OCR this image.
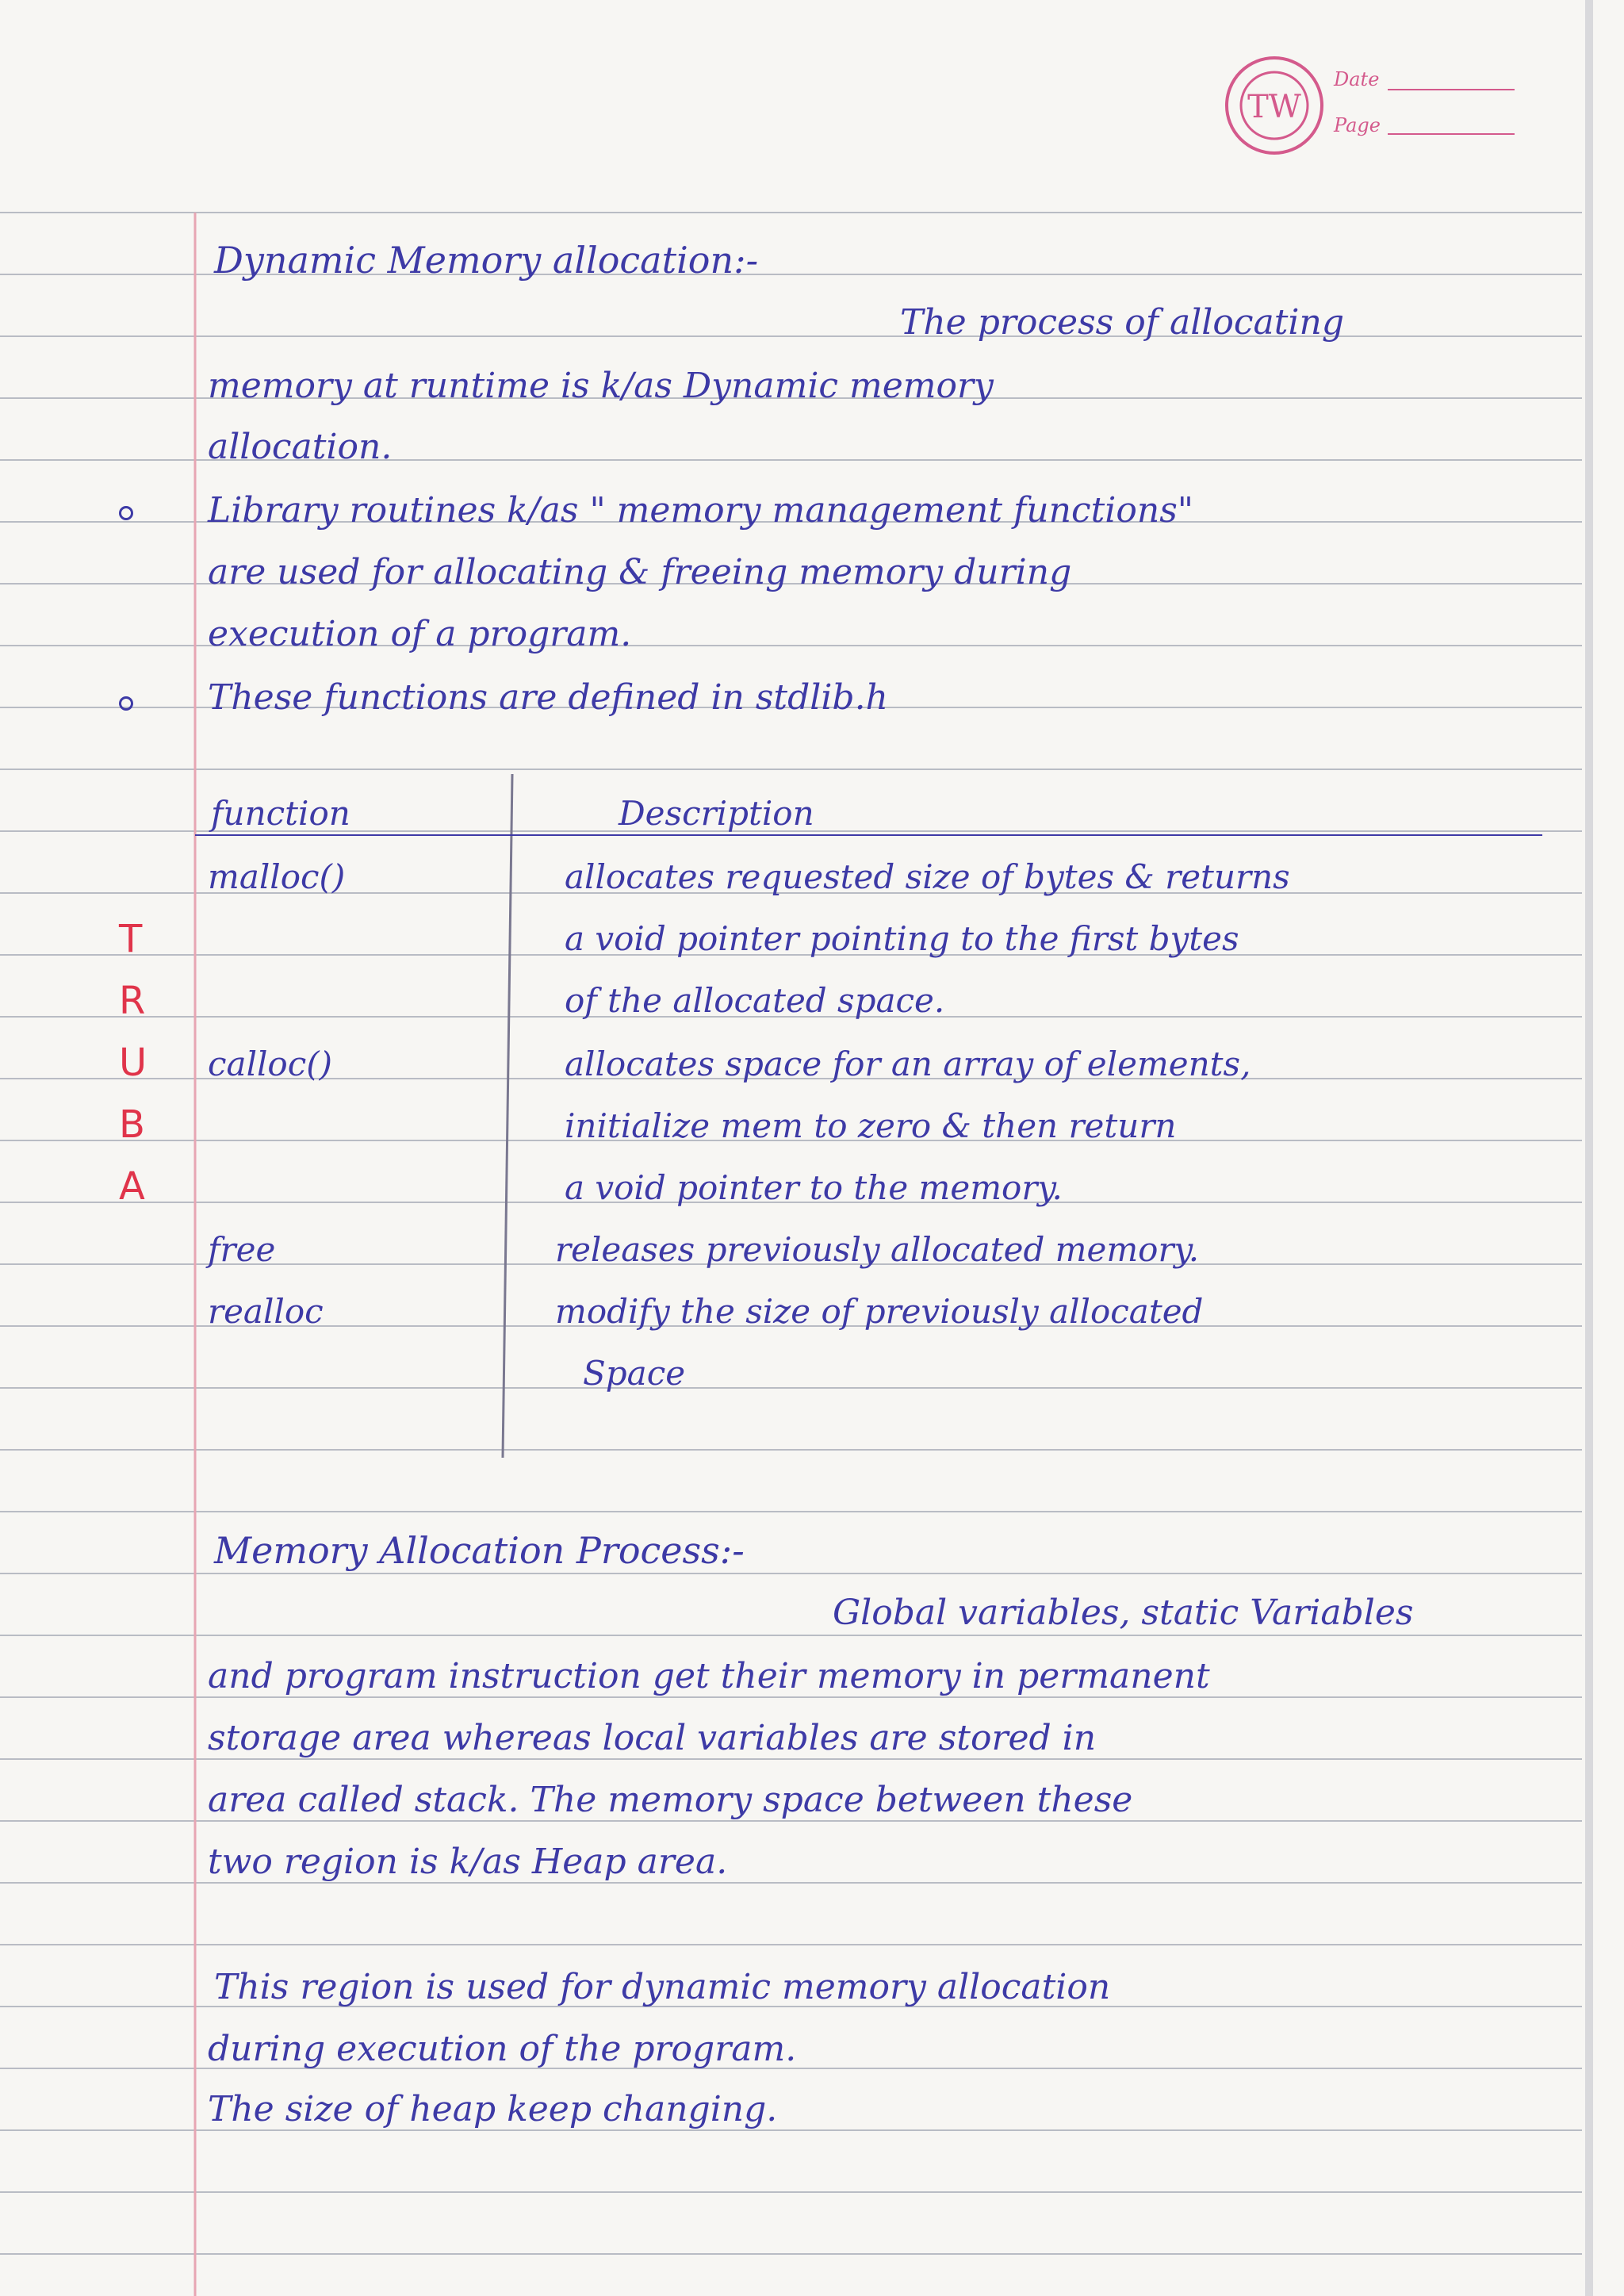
TW
Date
Page
Dynamic Memory allocation:-
The process of allocating
memory at runtime is k/as Dynamic memory
allocation.
Library routines k/as " memory management functions"
are used for allocating & freeing memory during
execution of a program.
These functions are defined in stdlib.h
function	Description
malloc()	allocates requested size of bytes & returns
a void pointer pointing to the first bytes
of the allocated space.
calloc()	allocates space for an array of elements,
initialize mem to zero & then return
a void pointer to the memory.
free	releases previously allocated memory.
realloc	modify the size of previously allocated
Space
T
R
U
B
A
Memory Allocation Process:-
Global variables, static Variables
and program instruction get their memory in permanent
storage area whereas local variables are stored in
area called stack. The memory space between these
two region is k/as Heap area.
This region is used for dynamic memory allocation
during execution of the program.
The size of heap keep changing.
